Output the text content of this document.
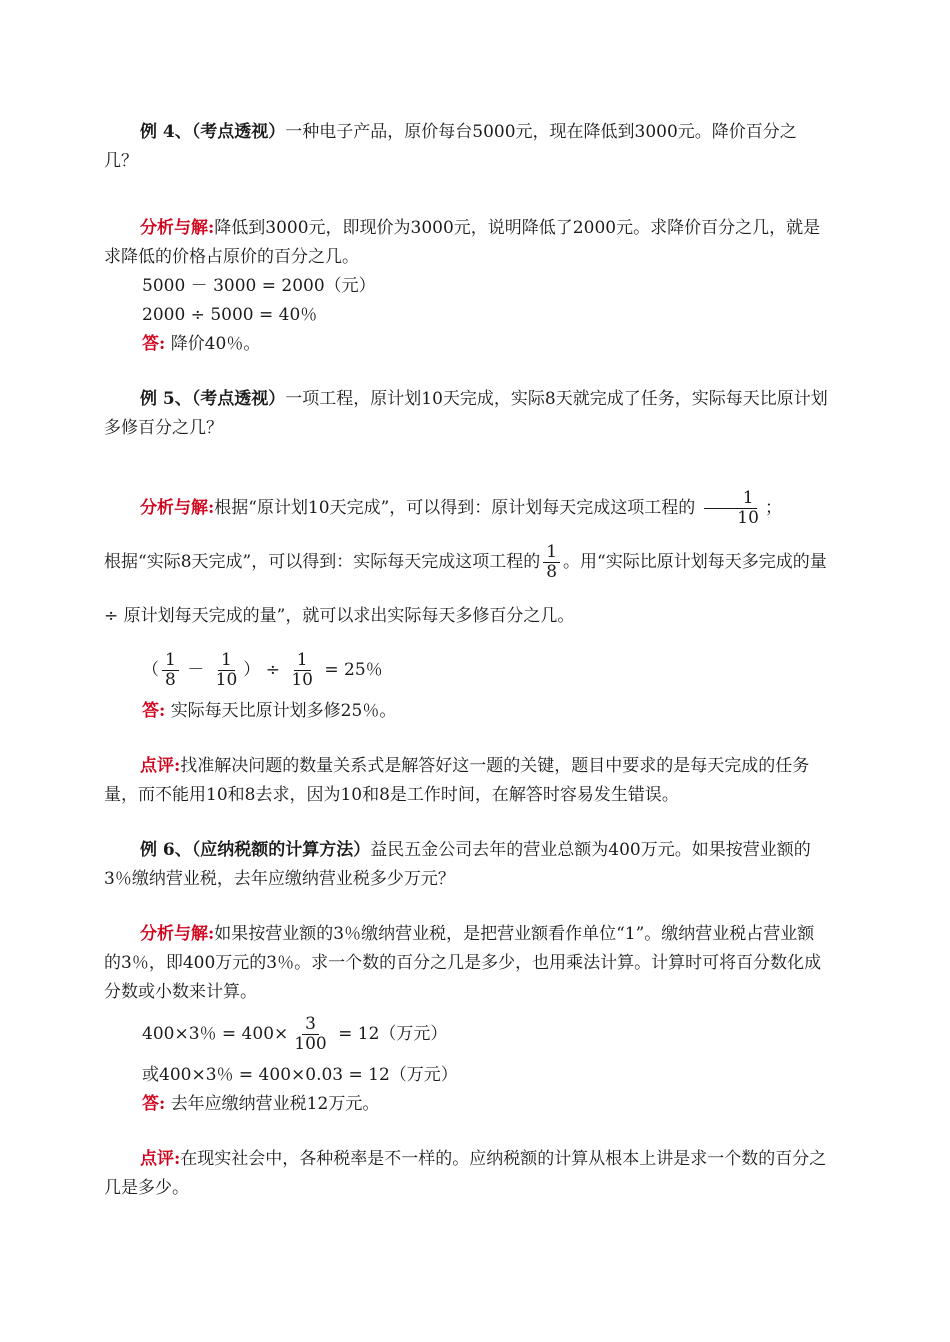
例 4、（考点透视）一种电子产品，原价每台5000元，现在降低到3000元。降价百分之几？

分析与解:降低到3000元，即现价为3000元，说明降低了2000元。求降价百分之几，就是求降低的价格占原价的百分之几。

5000 － 3000 = 2000（元）

2000 ÷ 5000 = 40％

答: 降价40％。

例 5、（考点透视）一项工程，原计划10天完成，实际8天就完成了任务，实际每天比原计划多修百分之几？

分析与解:根据“原计划10天完成”，可以得到：原计划每天完成这项工程的 $\frac{1}{10}$ ；

根据“实际8天完成”，可以得到：实际每天完成这项工程的 $\frac{1}{8}$ 。用“实际比原计划每天多完成的量 ÷ 原计划每天完成的量”，就可以求出实际每天多修百分之几。

（ $\frac{1}{8} - \frac{1}{10}$ ） ÷ $\frac{1}{10} = 25$％

答: 实际每天比原计划多修25％。

点评:找准解决问题的数量关系式是解答好这一题的关键，题目中要求的是每天完成的任务量，而不能用10和8去求，因为10和8是工作时间，在解答时容易发生错误。

例 6、（应纳税额的计算方法）益民五金公司去年的营业总额为400万元。如果按营业额的3％缴纳营业税，去年应缴纳营业税多少万元？

分析与解:如果按营业额的3％缴纳营业税，是把营业额看作单位“1”。缴纳营业税占营业额的3％，即400万元的3％。求一个数的百分之几是多少，也用乘法计算。计算时可将百分数化成分数或小数来计算。

400×3％ = $400\times \frac{3}{100} = 12$（万元）

或400×3％ = 400×0.03 = 12（万元）

答: 去年应缴纳营业税12万元。

点评:在现实社会中，各种税率是不一样的。应纳税额的计算从根本上讲是求一个数的百分之几是多少。
